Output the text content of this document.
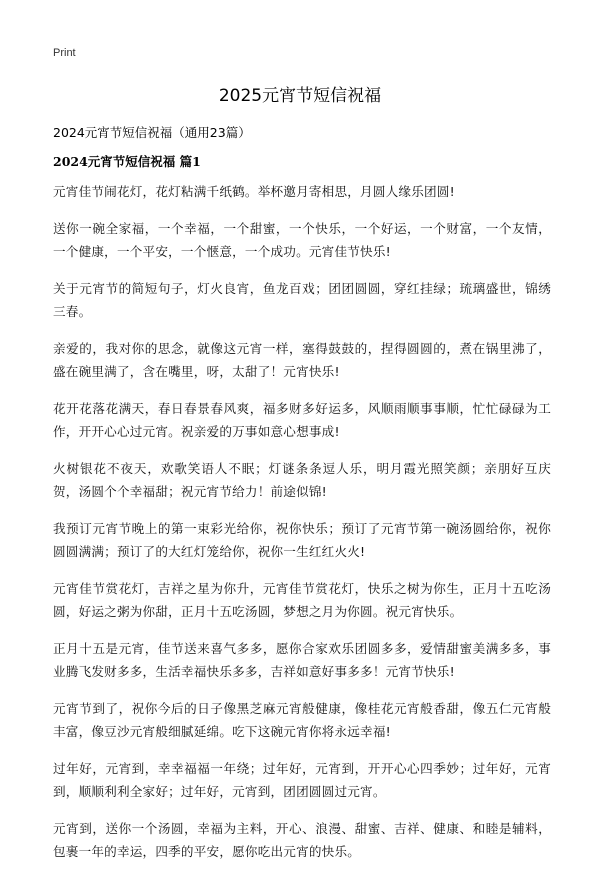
Print
2025元宵节短信祝福
2024元宵节短信祝福（通用23篇）
2024元宵节短信祝福 篇1

元宵佳节闹花灯，花灯粘满千纸鹤。举杯邀月寄相思，月圆人缘乐团圆!

送你一碗全家福，一个幸福，一个甜蜜，一个快乐，一个好运，一个财富，一个友情，一个健康，一个平安，一个惬意，一个成功。元宵佳节快乐!

关于元宵节的简短句子，灯火良宵，鱼龙百戏；团团圆圆，穿红挂绿；琉璃盛世，锦绣三春。

亲爱的，我对你的思念，就像这元宵一样，塞得鼓鼓的，捏得圆圆的，煮在锅里沸了，盛在碗里满了，含在嘴里，呀，太甜了！元宵快乐!

花开花落花满天，春日春景春风爽，福多财多好运多，风顺雨顺事事顺，忙忙碌碌为工作，开开心心过元宵。祝亲爱的万事如意心想事成!

火树银花不夜天，欢歌笑语人不眠；灯谜条条逗人乐，明月霞光照笑颜；亲朋好互庆贺，汤圆个个幸福甜；祝元宵节给力！前途似锦!

我预订元宵节晚上的第一束彩光给你，祝你快乐；预订了元宵节第一碗汤圆给你，祝你圆圆满满；预订了的大红灯笼给你，祝你一生红红火火!

元宵佳节赏花灯，吉祥之星为你升，元宵佳节赏花灯，快乐之树为你生，正月十五吃汤圆，好运之粥为你甜，正月十五吃汤圆，梦想之月为你圆。祝元宵快乐。

正月十五是元宵，佳节送来喜气多多，愿你合家欢乐团圆多多，爱情甜蜜美满多多，事业腾飞发财多多，生活幸福快乐多多，吉祥如意好事多多！元宵节快乐!

元宵节到了，祝你今后的日子像黑芝麻元宵般健康，像桂花元宵般香甜，像五仁元宵般丰富，像豆沙元宵般细腻延绵。吃下这碗元宵你将永远幸福!

过年好，元宵到，幸幸福福一年绕；过年好，元宵到，开开心心四季妙；过年好，元宵到，顺顺利利全家好；过年好，元宵到，团团圆圆过元宵。

元宵到，送你一个汤圆，幸福为主料，开心、浪漫、甜蜜、吉祥、健康、和睦是辅料，包裹一年的幸运，四季的平安，愿你吃出元宵的快乐。
